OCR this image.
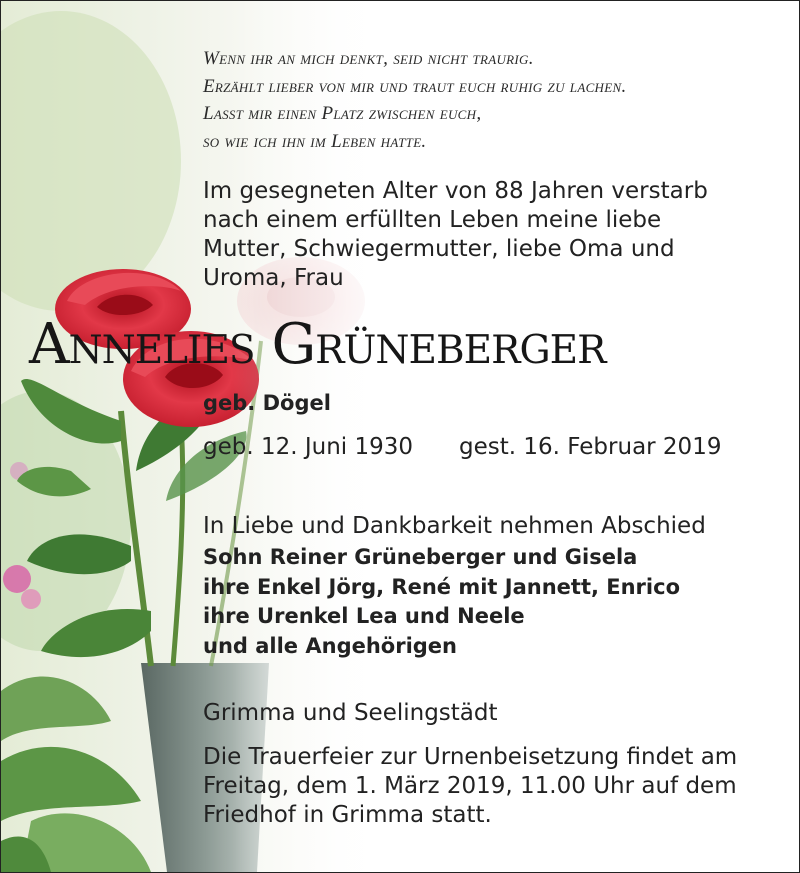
Wenn ihr an mich denkt, seid nicht traurig.
Erzählt lieber von mir und traut euch ruhig zu lachen.
Lasst mir einen Platz zwischen euch,
so wie ich ihn im Leben hatte.
Im gesegneten Alter von 88 Jahren verstarb
nach einem erfüllten Leben meine liebe
Mutter, Schwiegermutter, liebe Oma und
Uroma, Frau
Annelies Grüneberger
geb. Dögel
geb. 12. Juni 1930 gest. 16. Februar 2019
In Liebe und Dankbarkeit nehmen Abschied
Sohn Reiner Grüneberger und Gisela
ihre Enkel Jörg, René mit Jannett, Enrico
ihre Urenkel Lea und Neele
und alle Angehörigen
Grimma und Seelingstädt
Die Trauerfeier zur Urnenbeisetzung findet am
Freitag, dem 1. März 2019, 11.00 Uhr auf dem
Friedhof in Grimma statt.
